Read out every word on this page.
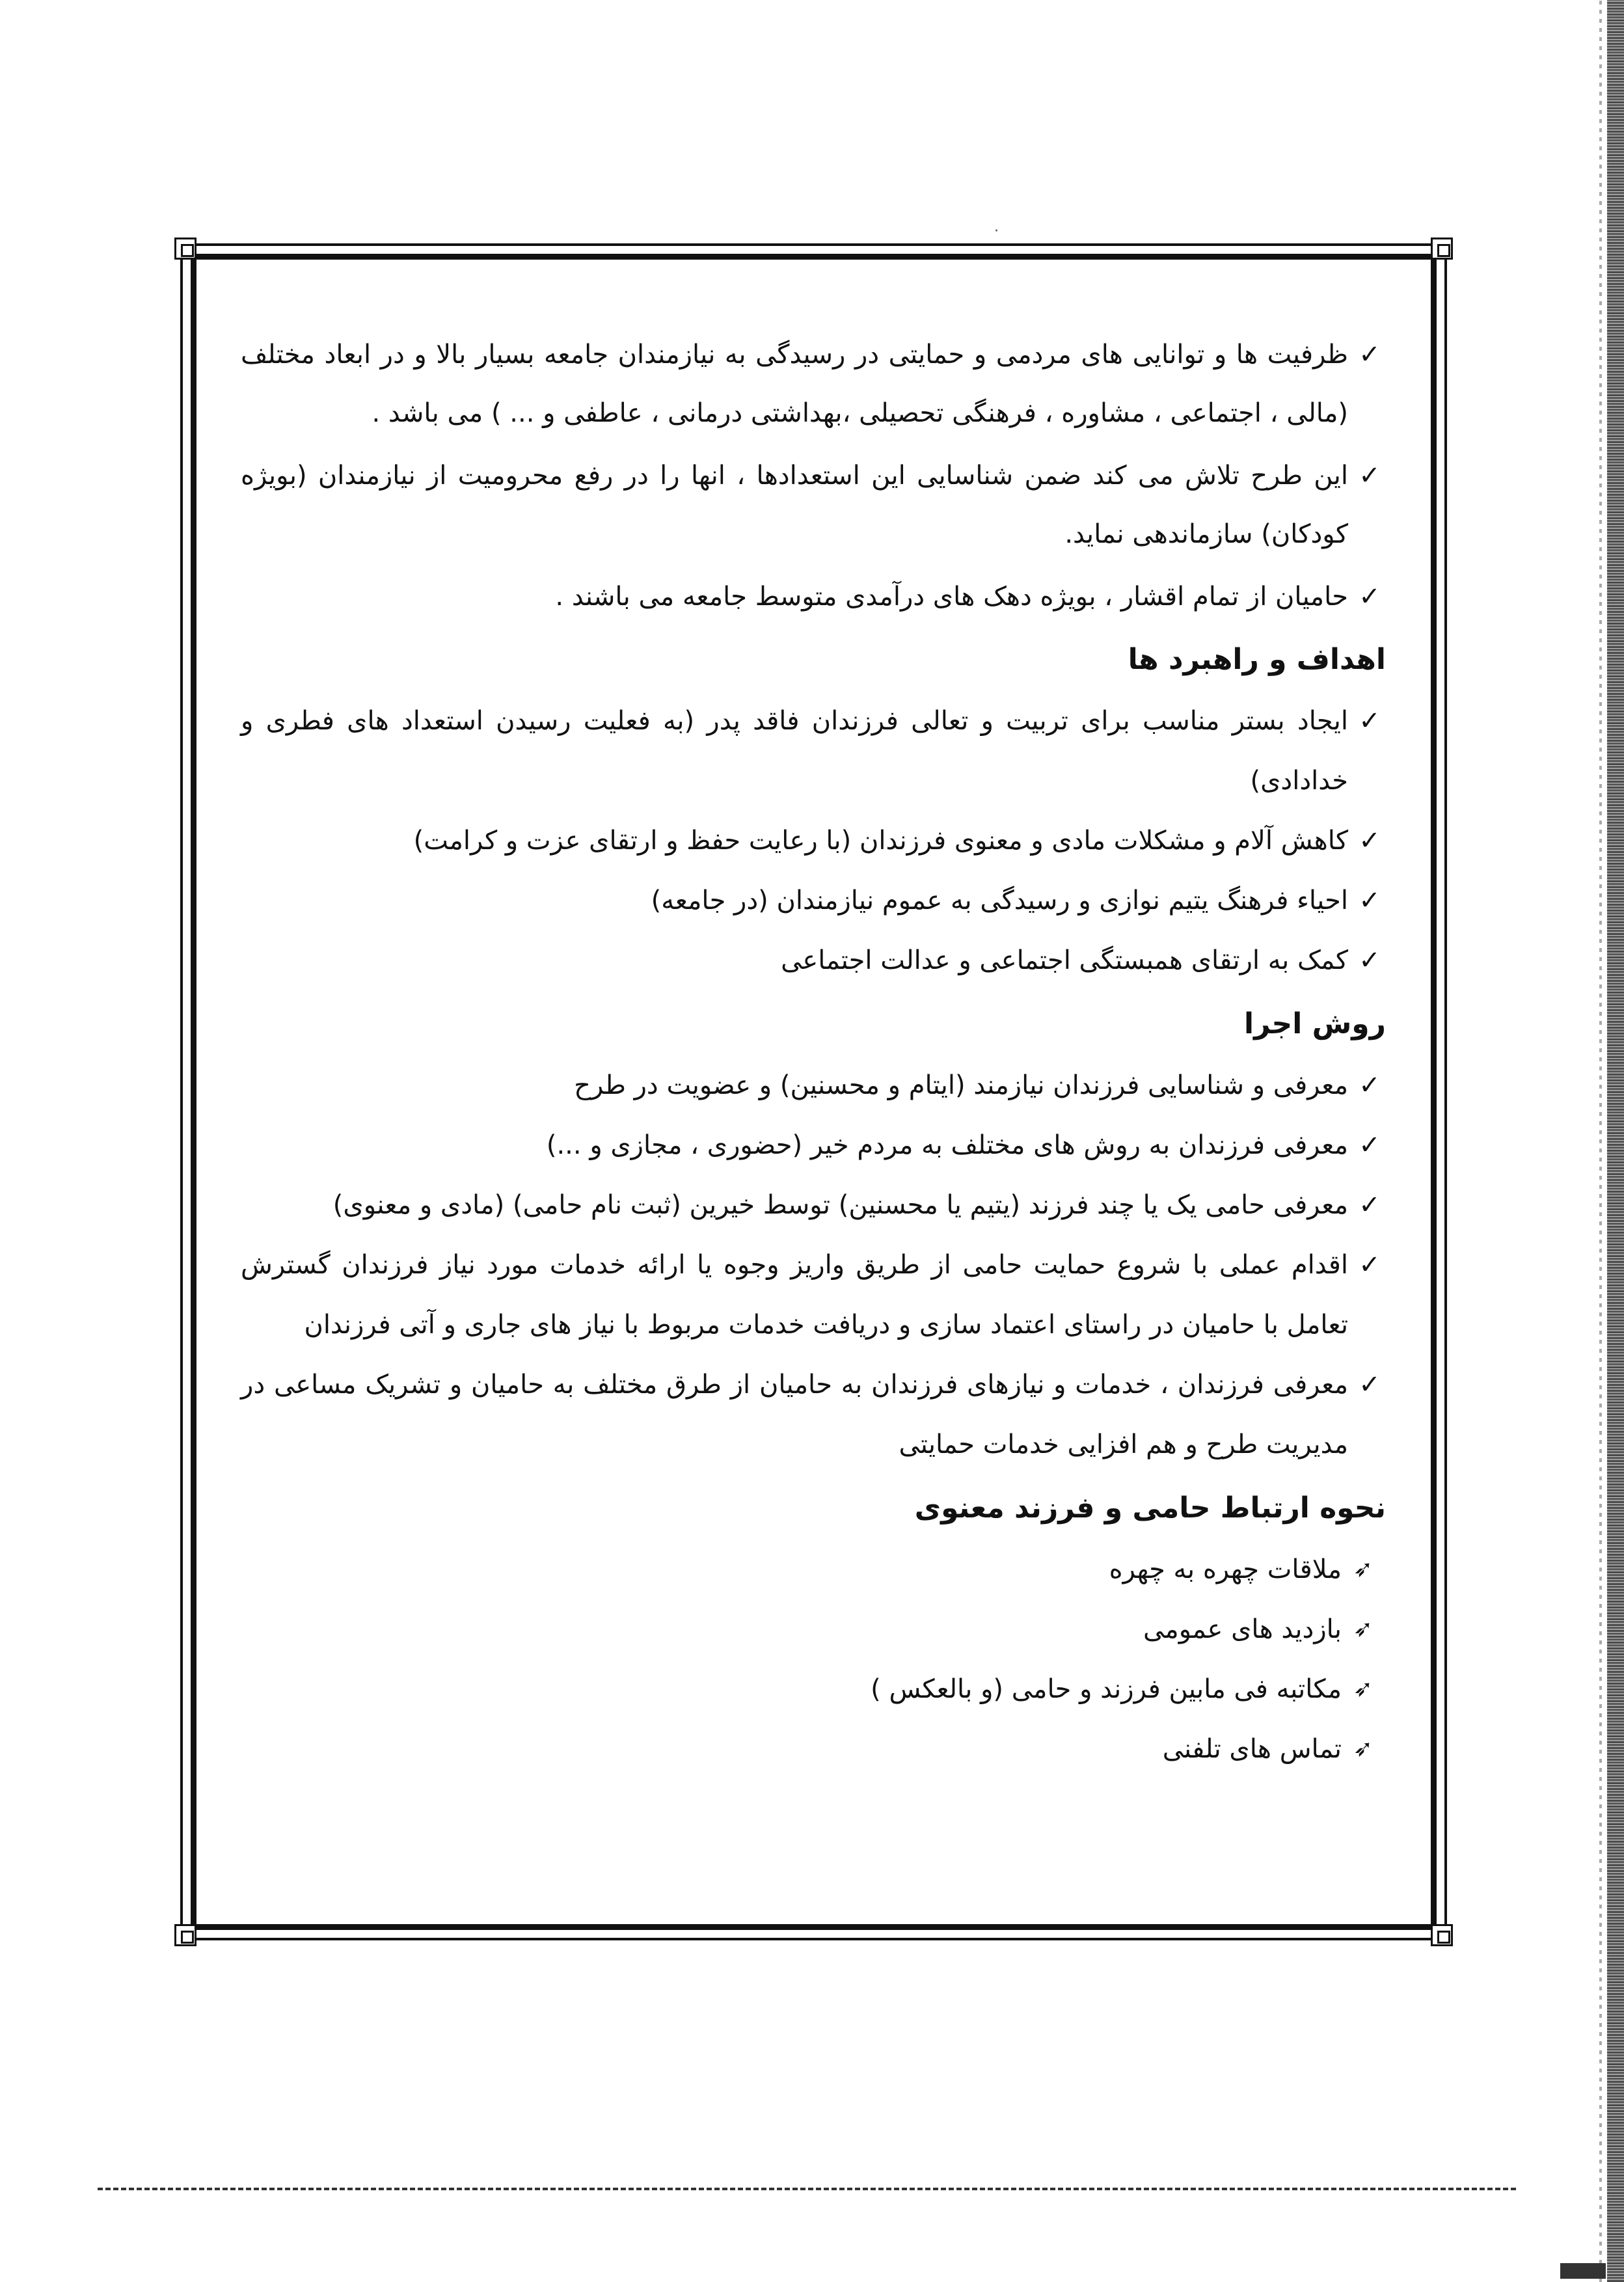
·
✓
ظرفیت ها و توانایی های مردمی و حمایتی در رسیدگی به نیازمندان جامعه بسیار بالا و در ابعاد مختلف (مالی ، اجتماعی ، مشاوره ، فرهنگی تحصیلی ،بهداشتی درمانی ، عاطفی و ... ) می باشد .
✓
این طرح تلاش می کند ضمن شناسایی این استعدادها ، انها را در رفع محرومیت از نیازمندان (بویژه کودکان) سازماندهی نماید.
✓
حامیان از تمام اقشار ، بویژه دهک های درآمدی متوسط جامعه می باشند .
اهداف و راهبرد ها
✓
ایجاد بستر مناسب برای تربیت و تعالی فرزندان فاقد پدر (به فعلیت رسیدن استعداد های فطری و خدادادی)
✓
کاهش آلام و مشکلات مادی و معنوی فرزندان (با رعایت حفظ و ارتقای عزت و کرامت)
✓
احیاء فرهنگ یتیم نوازی و رسیدگی به عموم نیازمندان (در جامعه)
✓
کمک به ارتقای همبستگی اجتماعی و عدالت اجتماعی
روش اجرا
✓
معرفی و شناسایی فرزندان نیازمند (ایتام و محسنین) و عضویت در طرح
✓
معرفی فرزندان به روش های مختلف به مردم خیر (حضوری ، مجازی و ...)
✓
معرفی حامی یک یا چند فرزند (یتیم یا محسنین) توسط خیرین (ثبت نام حامی) (مادی و معنوی)
✓
اقدام عملی با شروع حمایت حامی از طریق واریز وجوه یا ارائه خدمات مورد نیاز فرزندان گسترش تعامل با حامیان در راستای اعتماد سازی و دریافت خدمات مربوط با نیاز های جاری و آتی فرزندان
✓
معرفی فرزندان ، خدمات و نیازهای فرزندان به حامیان از طرق مختلف به حامیان و تشریک مساعی در مدیریت طرح و هم افزایی خدمات حمایتی
نحوه ارتباط حامی و فرزند معنوی
➶
ملاقات چهره به چهره
➶
بازدید های عمومی
➶
مکاتبه فی مابین فرزند و حامی (و بالعکس )
➶
تماس های تلفنی
